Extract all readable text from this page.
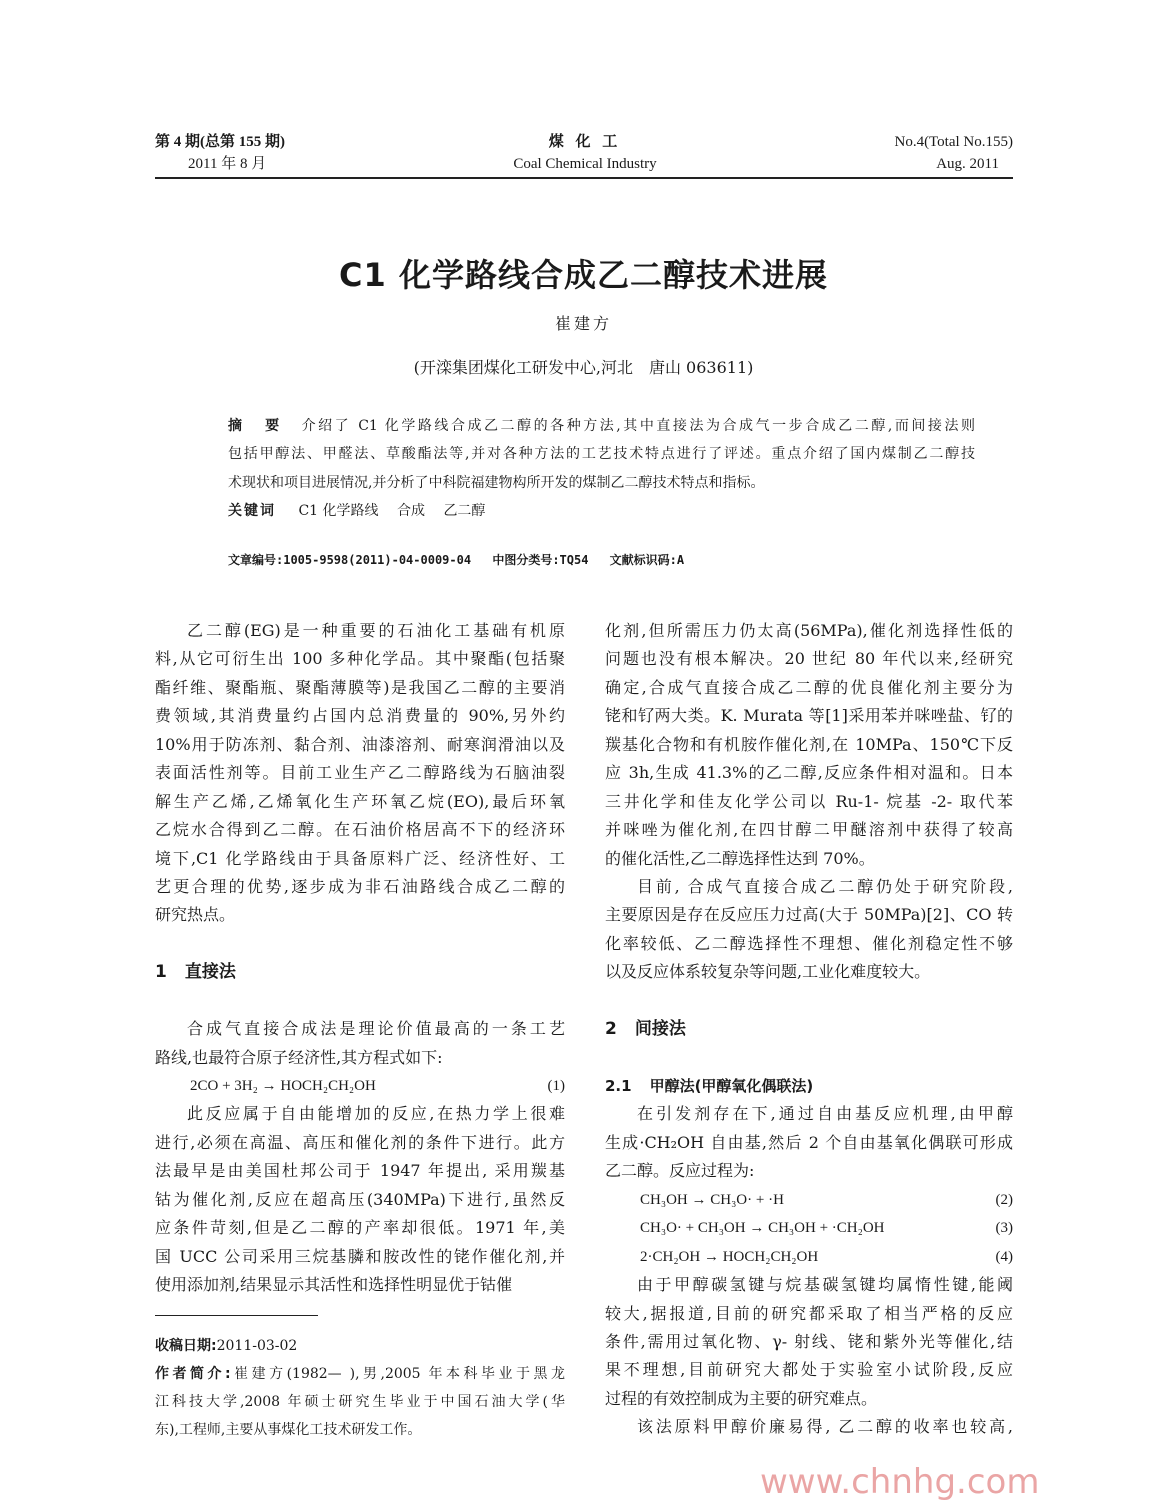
第 4 期(总第 155 期)
2011 年 8 月
煤 化 工
Coal Chemical Industry
No.4(Total No.155)
Aug. 2011
C1 化学路线合成乙二醇技术进展
崔建方
(开滦集团煤化工研发中心,河北　唐山 063611)
摘　要 介绍了 C1 化学路线合成乙二醇的各种方法,其中直接法为合成气一步合成乙二醇,而间接法则
包括甲醇法、甲醛法、草酸酯法等,并对各种方法的工艺技术特点进行了评述。重点介绍了国内煤制乙二醇技
术现状和项目进展情况,并分析了中科院福建物构所开发的煤制乙二醇技术特点和指标。
关键词 C1 化学路线　 合成　 乙二醇
文章编号:1005-9598(2011)-04-0009-04 中图分类号:TQ54 文献标识码:A
乙二醇(EG)是一种重要的石油化工基础有机原
料,从它可衍生出 100 多种化学品。其中聚酯(包括聚
酯纤维、聚酯瓶、聚酯薄膜等)是我国乙二醇的主要消
费领域,其消费量约占国内总消费量的 90%,另外约
10%用于防冻剂、黏合剂、油漆溶剂、耐寒润滑油以及
表面活性剂等。目前工业生产乙二醇路线为石脑油裂
解生产乙烯,乙烯氧化生产环氧乙烷(EO),最后环氧
乙烷水合得到乙二醇。在石油价格居高不下的经济环
境下,C1 化学路线由于具备原料广泛、经济性好、工
艺更合理的优势,逐步成为非石油路线合成乙二醇的
研究热点。
1 直接法
合成气直接合成法是理论价值最高的一条工艺
路线,也最符合原子经济性,其方程式如下:
2CO + 3H₂ → HOCH₂CH₂OH	(1)
此反应属于自由能增加的反应,在热力学上很难
进行,必须在高温、高压和催化剂的条件下进行。此方
法最早是由美国杜邦公司于 1947 年提出, 采用羰基
钴为催化剂,反应在超高压(340MPa)下进行,虽然反
应条件苛刻,但是乙二醇的产率却很低。1971 年,美
国 UCC 公司采用三烷基膦和胺改性的铑作催化剂,并
使用添加剂,结果显示其活性和选择性明显优于钴催
化剂,但所需压力仍太高(56MPa),催化剂选择性低的
问题也没有根本解决。20 世纪 80 年代以来,经研究
确定,合成气直接合成乙二醇的优良催化剂主要分为
铑和钌两大类。K. Murata 等[1]采用苯并咪唑盐、钌的
羰基化合物和有机胺作催化剂,在 10MPa、150℃下反
应 3h,生成 41.3%的乙二醇,反应条件相对温和。日本
三井化学和佳友化学公司以 Ru-1- 烷基 -2- 取代苯
并咪唑为催化剂,在四甘醇二甲醚溶剂中获得了较高
的催化活性,乙二醇选择性达到 70%。
目前, 合成气直接合成乙二醇仍处于研究阶段,
主要原因是存在反应压力过高(大于 50MPa)[2]、CO 转
化率较低、乙二醇选择性不理想、催化剂稳定性不够
以及反应体系较复杂等问题,工业化难度较大。
2 间接法
2.1 甲醇法(甲醇氧化偶联法)
在引发剂存在下,通过自由基反应机理,由甲醇
生成·CH₂OH 自由基,然后 2 个自由基氧化偶联可形成
乙二醇。反应过程为:
CH₃OH → CH₃O· + ·H	(2)
CH₃O· + CH₃OH → CH₃OH + ·CH₂OH	(3)
2·CH₂OH → HOCH₂CH₂OH	(4)
由于甲醇碳氢键与烷基碳氢键均属惰性键,能阈
较大,据报道,目前的研究都采取了相当严格的反应
条件,需用过氧化物、γ- 射线、铑和紫外光等催化,结
果不理想,目前研究大都处于实验室小试阶段,反应
过程的有效控制成为主要的研究难点。
该法原料甲醇价廉易得, 乙二醇的收率也较高,
收稿日期:2011-03-02
作者简介:崔建方(1982— ),男,2005 年本科毕业于黑龙
江科技大学,2008 年硕士研究生毕业于中国石油大学(华
东),工程师,主要从事煤化工技术研发工作。
www.chnhg.com
